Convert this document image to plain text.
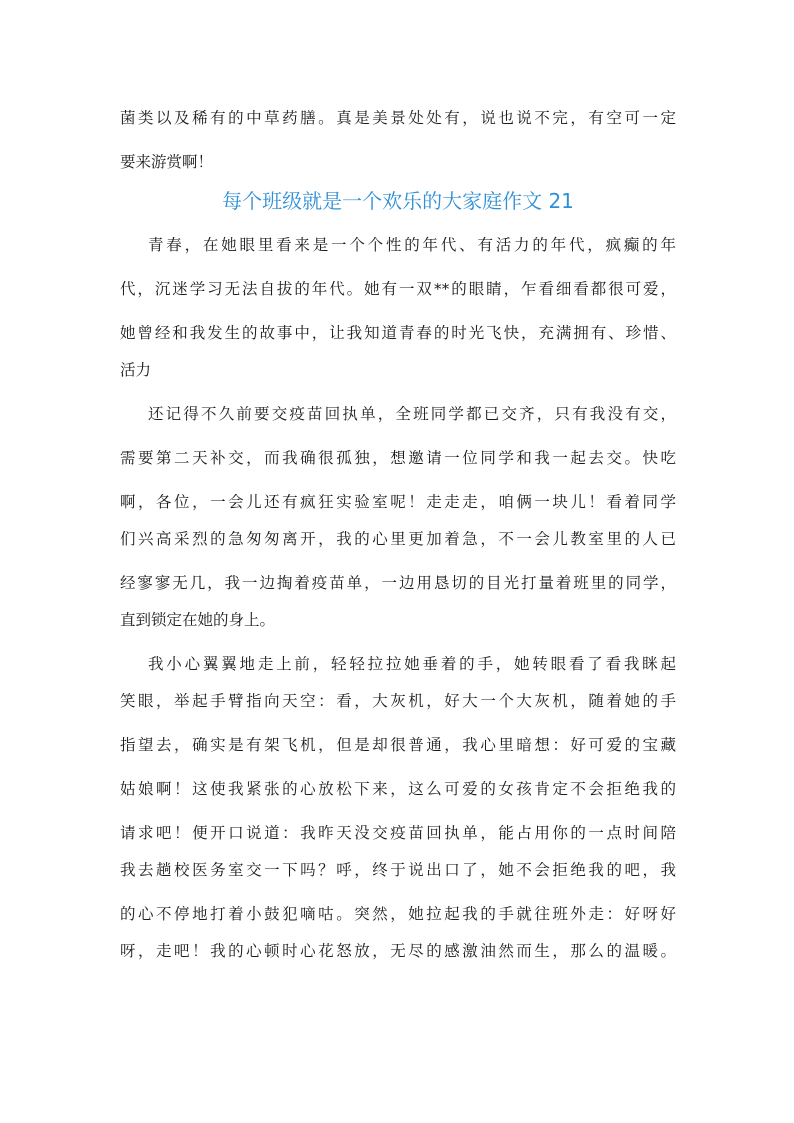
菌类以及稀有的中草药膳。真是美景处处有，说也说不完，有空可一定
要来游赏啊！
每个班级就是一个欢乐的大家庭作文 21
青春，在她眼里看来是一个个性的年代、有活力的年代，疯癫的年
代，沉迷学习无法自拔的年代。她有一双**的眼睛，乍看细看都很可爱，
她曾经和我发生的故事中，让我知道青春的时光飞快，充满拥有、珍惜、
活力
还记得不久前要交疫苗回执单，全班同学都已交齐，只有我没有交，
需要第二天补交，而我确很孤独，想邀请一位同学和我一起去交。快吃
啊，各位，一会儿还有疯狂实验室呢！走走走，咱俩一块儿！看着同学
们兴高采烈的急匆匆离开，我的心里更加着急，不一会儿教室里的人已
经寥寥无几，我一边掏着疫苗单，一边用恳切的目光打量着班里的同学，
直到锁定在她的身上。
我小心翼翼地走上前，轻轻拉拉她垂着的手，她转眼看了看我眯起
笑眼，举起手臂指向天空：看，大灰机，好大一个大灰机，随着她的手
指望去，确实是有架飞机，但是却很普通，我心里暗想：好可爱的宝藏
姑娘啊！这使我紧张的心放松下来，这么可爱的女孩肯定不会拒绝我的
请求吧！便开口说道：我昨天没交疫苗回执单，能占用你的一点时间陪
我去趟校医务室交一下吗？呼，终于说出口了，她不会拒绝我的吧，我
的心不停地打着小鼓犯嘀咕。突然，她拉起我的手就往班外走：好呀好
呀，走吧！我的心顿时心花怒放，无尽的感激油然而生，那么的温暖。
